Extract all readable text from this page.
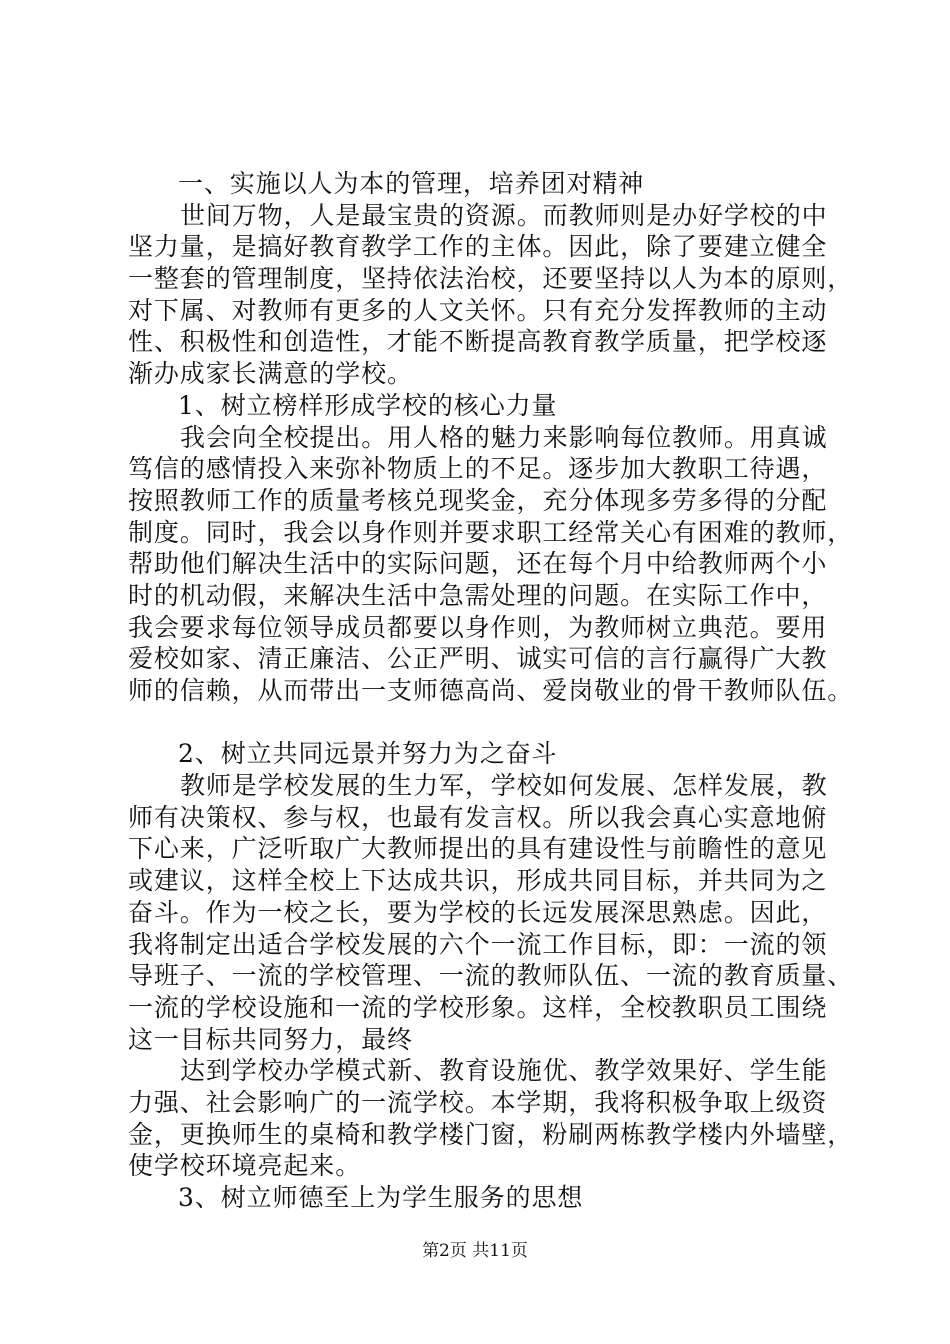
一、实施以人为本的管理，培养团对精神
世间万物，人是最宝贵的资源。而教师则是办好学校的中
坚力量，是搞好教育教学工作的主体。因此，除了要建立健全
一整套的管理制度，坚持依法治校，还要坚持以人为本的原则，
对下属、对教师有更多的人文关怀。只有充分发挥教师的主动
性、积极性和创造性，才能不断提高教育教学质量，把学校逐
渐办成家长满意的学校。
1、树立榜样形成学校的核心力量
我会向全校提出。用人格的魅力来影响每位教师。用真诚
笃信的感情投入来弥补物质上的不足。逐步加大教职工待遇，
按照教师工作的质量考核兑现奖金，充分体现多劳多得的分配
制度。同时，我会以身作则并要求职工经常关心有困难的教师，
帮助他们解决生活中的实际问题，还在每个月中给教师两个小
时的机动假，来解决生活中急需处理的问题。在实际工作中，
我会要求每位领导成员都要以身作则，为教师树立典范。要用
爱校如家、清正廉洁、公正严明、诚实可信的言行赢得广大教
师的信赖，从而带出一支师德高尚、爱岗敬业的骨干教师队伍。
2、树立共同远景并努力为之奋斗
教师是学校发展的生力军，学校如何发展、怎样发展，教
师有决策权、参与权，也最有发言权。所以我会真心实意地俯
下心来，广泛听取广大教师提出的具有建设性与前瞻性的意见
或建议，这样全校上下达成共识，形成共同目标，并共同为之
奋斗。作为一校之长，要为学校的长远发展深思熟虑。因此，
我将制定出适合学校发展的六个一流工作目标，即：一流的领
导班子、一流的学校管理、一流的教师队伍、一流的教育质量、
一流的学校设施和一流的学校形象。这样，全校教职员工围绕
这一目标共同努力，最终
达到学校办学模式新、教育设施优、教学效果好、学生能
力强、社会影响广的一流学校。本学期，我将积极争取上级资
金，更换师生的桌椅和教学楼门窗，粉刷两栋教学楼内外墙壁，
使学校环境亮起来。
3、树立师德至上为学生服务的思想
第2页 共11页
